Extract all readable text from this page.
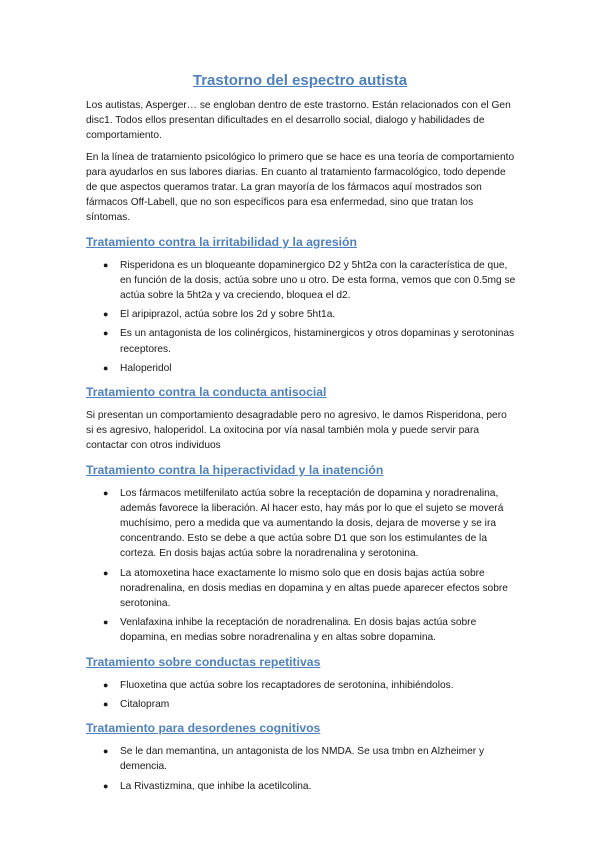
Trastorno del espectro autista

Los autistas, Asperger… se engloban dentro de este trastorno. Están relacionados con el Gen disc1. Todos ellos presentan dificultades en el desarrollo social, dialogo y habilidades de comportamiento.

En la línea de tratamiento psicológico lo primero que se hace es una teoría de comportamiento para ayudarlos en sus labores diarias. En cuanto al tratamiento farmacológico, todo depende de que aspectos queramos tratar. La gran mayoría de los fármacos aquí mostrados son fármacos Off-Labell, que no son específicos para esa enfermedad, sino que tratan los síntomas.

Tratamiento contra la irritabilidad y la agresión
● Risperidona es un bloqueante dopaminergico D2 y 5ht2a con la característica de que, en función de la dosis, actúa sobre uno u otro. De esta forma, vemos que con 0.5mg se actúa sobre la 5ht2a y va creciendo, bloquea el d2.
● El aripiprazol, actúa sobre los 2d y sobre 5ht1a.
● Es un antagonista de los colinérgicos, histaminergicos y otros dopaminas y serotoninas receptores.
● Haloperidol
Tratamiento contra la conducta antisocial

Si presentan un comportamiento desagradable pero no agresivo, le damos Risperidona, pero si es agresivo, haloperidol. La oxitocina por vía nasal también mola y puede servir para contactar con otros individuos

Tratamiento contra la hiperactividad y la inatención
● Los fármacos metilfenilato actúa sobre la receptación de dopamina y noradrenalina, además favorece la liberación. Al hacer esto, hay más por lo que el sujeto se moverá muchísimo, pero a medida que va aumentando la dosis, dejara de moverse y se ira concentrando. Esto se debe a que actúa sobre D1 que son los estimulantes de la corteza. En dosis bajas actúa sobre la noradrenalina y serotonina.
● La atomoxetina hace exactamente lo mismo solo que en dosis bajas actúa sobre noradrenalina, en dosis medias en dopamina y en altas puede aparecer efectos sobre serotonina.
● Venlafaxina inhibe la receptación de noradrenalina. En dosis bajas actúa sobre dopamina, en medias sobre noradrenalina y en altas sobre dopamina.
Tratamiento sobre conductas repetitivas
● Fluoxetina que actúa sobre los recaptadores de serotonina, inhibiéndolos.
● Citalopram
Tratamiento para desordenes cognitivos
● Se le dan memantina, un antagonista de los NMDA. Se usa tmbn en Alzheimer y demencia.
● La Rivastizmina, que inhibe la acetilcolina.
